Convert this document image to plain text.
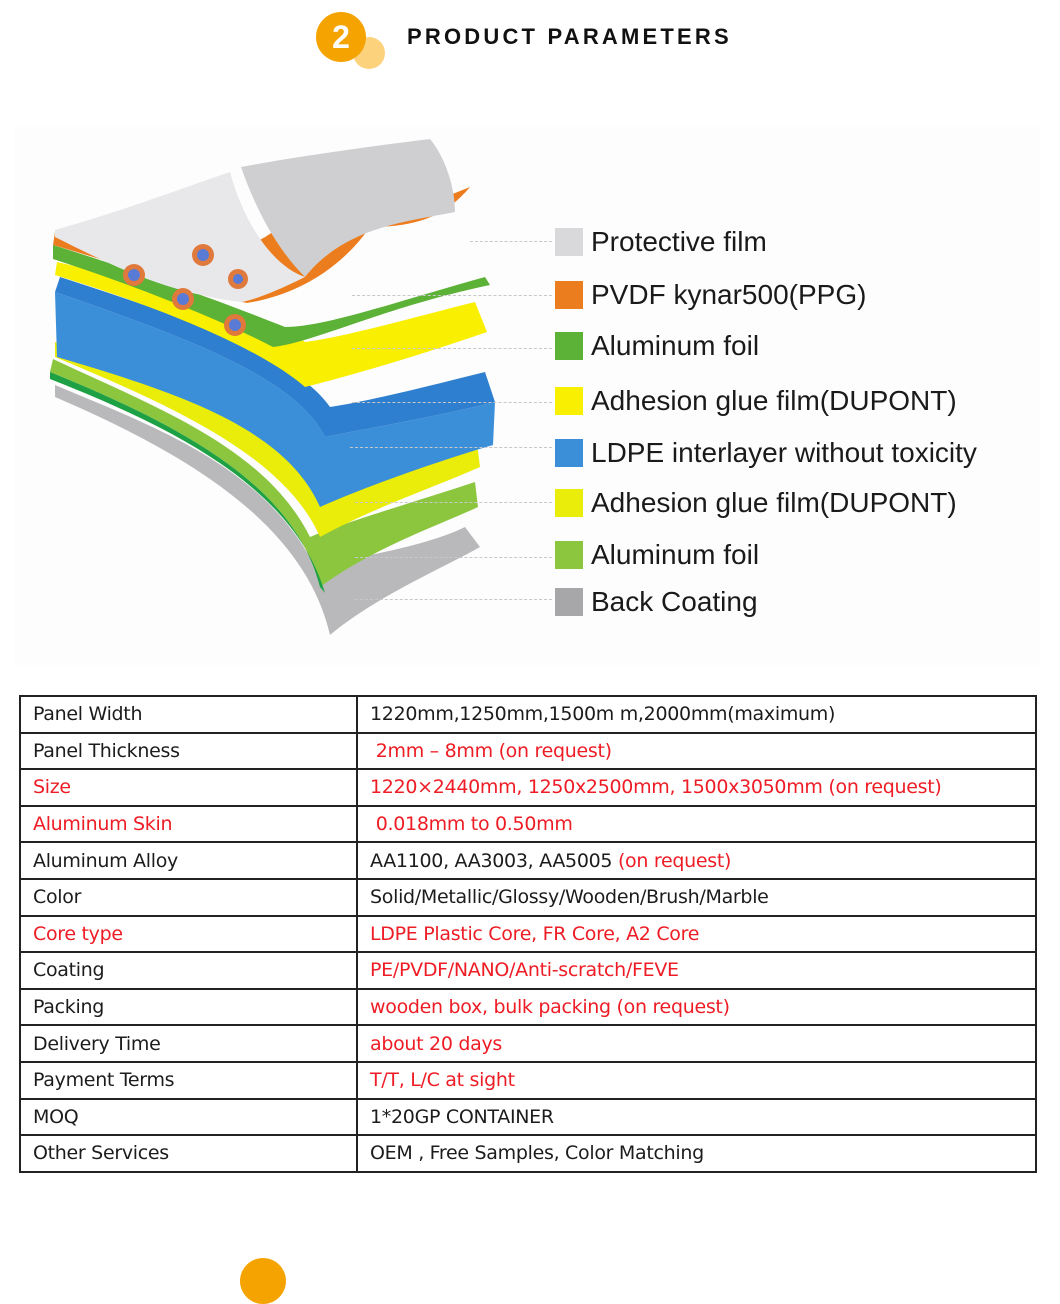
2	PRODUCT PARAMETERS
Protective film
PVDF kynar500(PPG)
Aluminum foil
Adhesion glue film(DUPONT)
LDPE interlayer without toxicity
Adhesion glue film(DUPONT)
Aluminum foil
Back Coating
Panel Width	1220mm,1250mm,1500m m,2000mm(maximum)
Panel Thickness	2mm – 8mm (on request)
Size	1220×2440mm, 1250x2500mm, 1500x3050mm (on request)
Aluminum Skin	0.018mm to 0.50mm
Aluminum Alloy	AA1100, AA3003, AA5005 (on request)
Color	Solid/Metallic/Glossy/Wooden/Brush/Marble
Core type	LDPE Plastic Core, FR Core, A2 Core
Coating	PE/PVDF/NANO/Anti-scratch/FEVE
Packing	wooden box, bulk packing (on request)
Delivery Time	about 20 days
Payment Terms	T/T, L/C at sight
MOQ	1*20GP CONTAINER
Other Services	OEM , Free Samples, Color Matching
